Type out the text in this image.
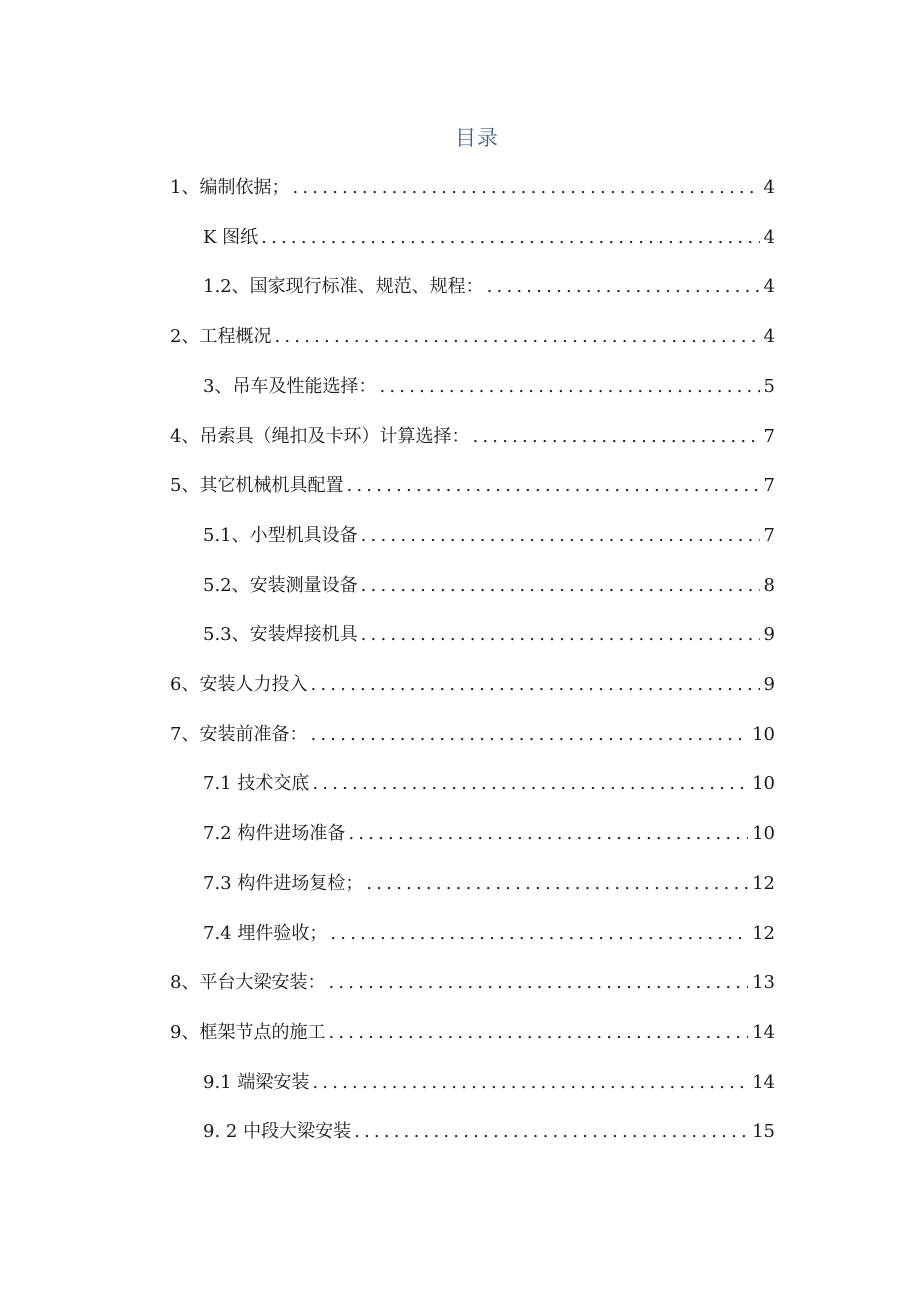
目录
1、编制依据； .....	4
K 图纸 .....	4
1.2、国家现行标准、规范、规程： .....	4
2、工程概况 .....	4
3、吊车及性能选择： .....	5
4、吊索具（绳扣及卡环）计算选择： .....	7
5、其它机械机具配置 .....	7
5.1、小型机具设备 .....	7
5.2、安装测量设备 .....	8
5.3、安装焊接机具 .....	9
6、安装人力投入 .....	9
7、安装前准备： .....	10
7.1 技术交底 .....	10
7.2 构件进场准备 .....	10
7.3 构件进场复检； .....	12
7.4 埋件验收； .....	12
8、平台大梁安装： .....	13
9、框架节点的施工 .....	14
9.1 端梁安装 .....	14
9. 2 中段大梁安装 .....	15
